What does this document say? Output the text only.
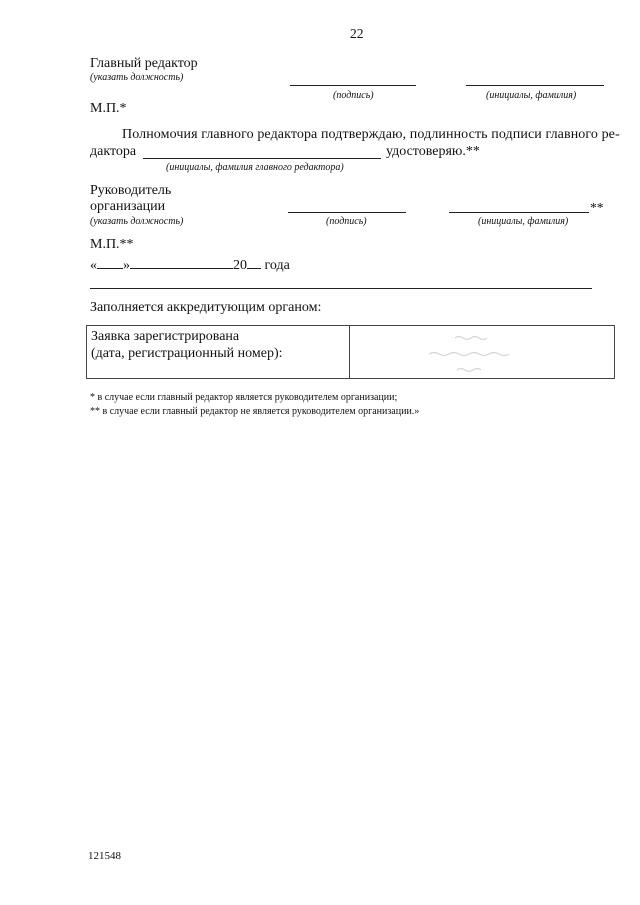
22
Главный редактор
(указать должность)
(подпись)	(инициалы, фамилия)
М.П.*
Полномочия главного редактора подтверждаю, подлинность подписи главного ре-
дактора	удостоверяю.**
(инициалы, фамилия главного редактора)
Руководитель
организации	**
(указать должность)	(подпись)	(инициалы, фамилия)
М.П.**
« »	20 года
Заполняется аккредитующим органом:
Заявка зарегистрирована
(дата, регистрационный номер):
* в случае если главный редактор является руководителем организации;
** в случае если главный редактор не является руководителем организации.»
121548
